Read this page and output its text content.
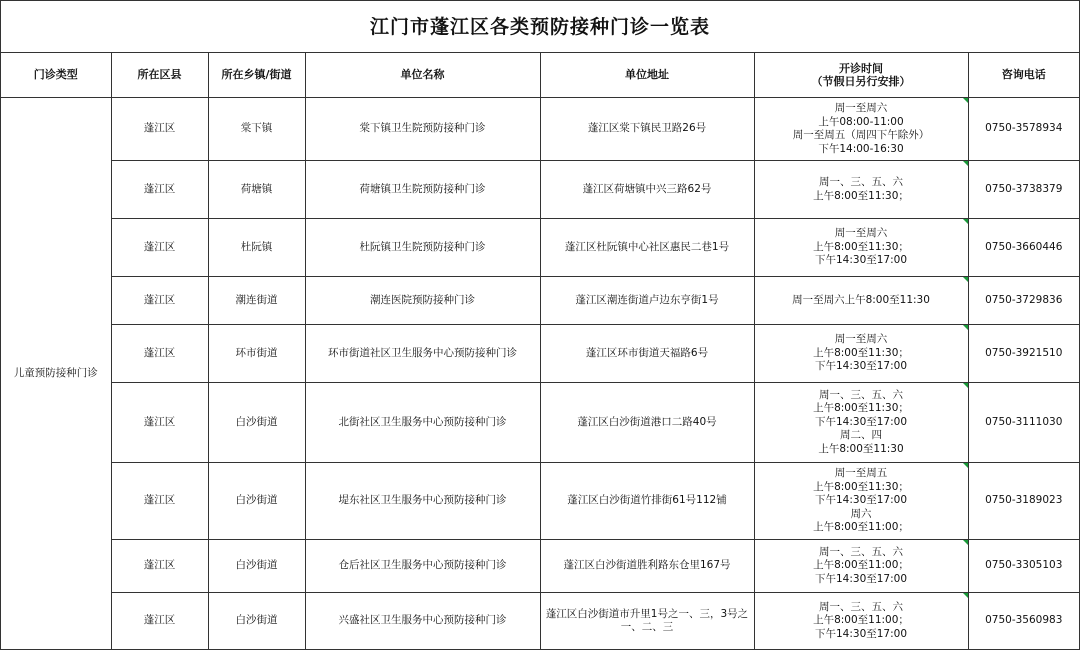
江门市蓬江区各类预防接种门诊一览表
门诊类型	所在区县	所在乡镇/街道	单位名称	单位地址	开诊时间
（节假日另行安排）	咨询电话
儿童预防接种门诊	蓬江区	棠下镇	棠下镇卫生院预防接种门诊	蓬江区棠下镇民卫路26号	周一至周六
上午08:00-11:00
周一至周五（周四下午除外）
下午14:00-16:30	0750-3578934
	蓬江区	荷塘镇	荷塘镇卫生院预防接种门诊	蓬江区荷塘镇中兴三路62号	周一、三、五、六
上午8:00至11:30；	0750-3738379
	蓬江区	杜阮镇	杜阮镇卫生院预防接种门诊	蓬江区杜阮镇中心社区惠民二巷1号	周一至周六
上午8:00至11:30；
下午14:30至17:00	0750-3660446
	蓬江区	潮连街道	潮连医院预防接种门诊	蓬江区潮连街道卢边东亨街1号	周一至周六上午8:00至11:30	0750-3729836
	蓬江区	环市街道	环市街道社区卫生服务中心预防接种门诊	蓬江区环市街道天福路6号	周一至周六
上午8:00至11:30；
下午14:30至17:00	0750-3921510
	蓬江区	白沙街道	北街社区卫生服务中心预防接种门诊	蓬江区白沙街道港口二路40号	周一、三、五、六
上午8:00至11:30；
下午14:30至17:00
周二、四
上午8:00至11:30	0750-3111030
	蓬江区	白沙街道	堤东社区卫生服务中心预防接种门诊	蓬江区白沙街道竹排街61号112铺	周一至周五
上午8:00至11:30；
下午14:30至17:00
周六
上午8:00至11:00；	0750-3189023
	蓬江区	白沙街道	仓后社区卫生服务中心预防接种门诊	蓬江区白沙街道胜利路东仓里167号	周一、三、五、六
上午8:00至11:00；
下午14:30至17:00	0750-3305103
	蓬江区	白沙街道	兴盛社区卫生服务中心预防接种门诊	蓬江区白沙街道市升里1号之一、三，3号之一、二、三	周一、三、五、六
上午8:00至11:00；
下午14:30至17:00	0750-3560983
